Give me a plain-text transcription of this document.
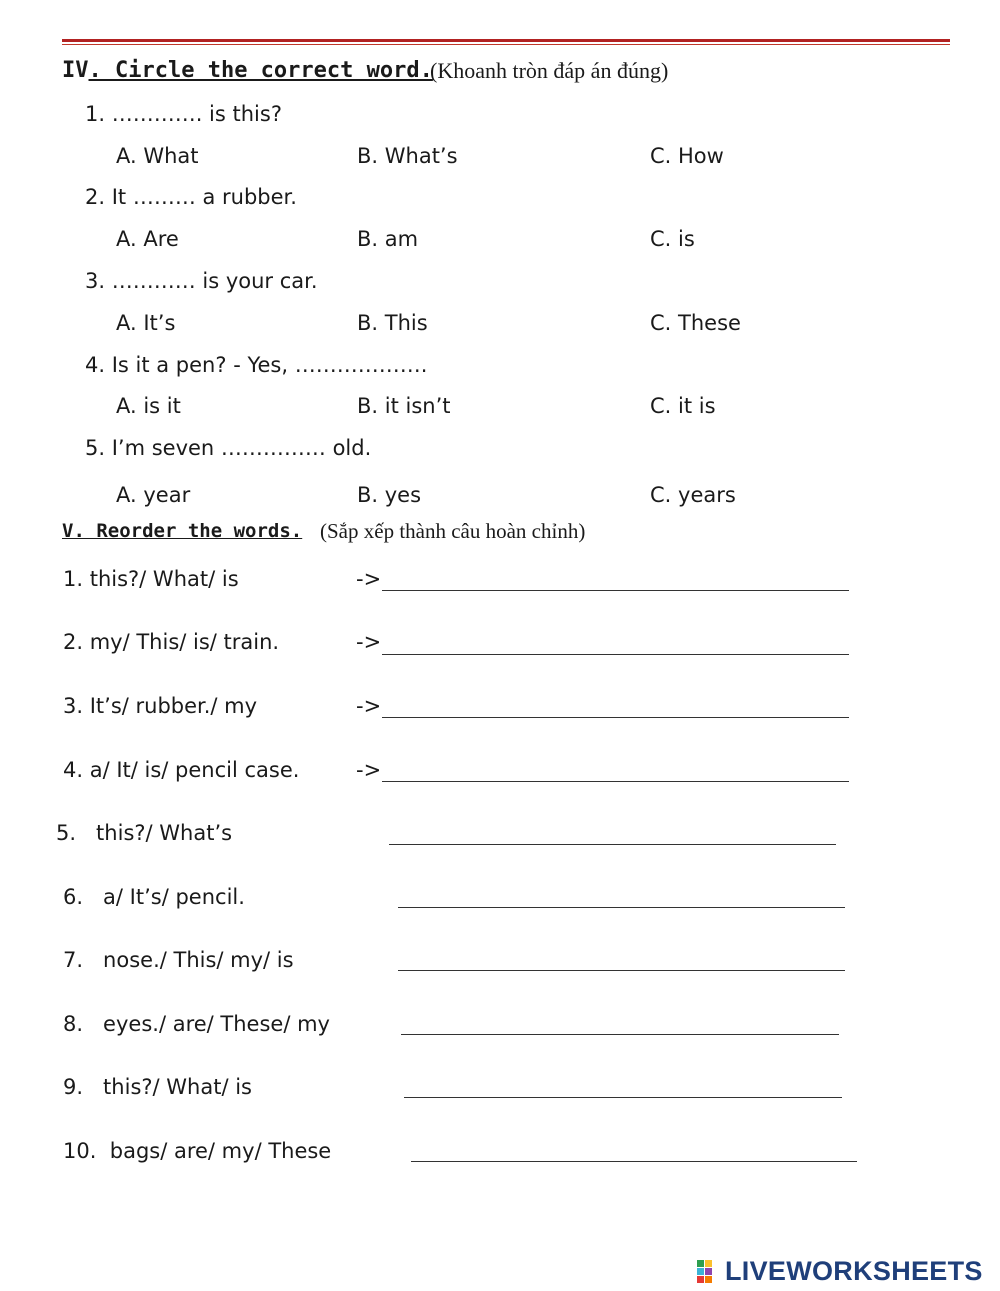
IV. Circle the correct word.
(Khoanh tròn đáp án đúng)
1. …………. is this?
A. What	B. What’s	C. How
2. It ……… a rubber.
A. Are	B. am	C. is
3. ………… is your car.
A. It’s	B. This	C. These
4. Is it a pen? - Yes, ……………….
A. is it	B. it isn’t	C. it is
5. I’m seven …………… old.
A. year	B. yes	C. years
V. Reorder the words. (Sắp xếp thành câu hoàn chỉnh)
1. this?/ What/ is	->
2. my/ This/ is/ train.	->
3. It’s/ rubber./ my	->
4. a/ It/ is/ pencil case.	->
5.   this?/ What’s
6.   a/ It’s/ pencil.
7.   nose./ This/ my/ is
8.   eyes./ are/ These/ my
9.   this?/ What/ is
10.  bags/ are/ my/ These
LIVEWORKSHEETS
